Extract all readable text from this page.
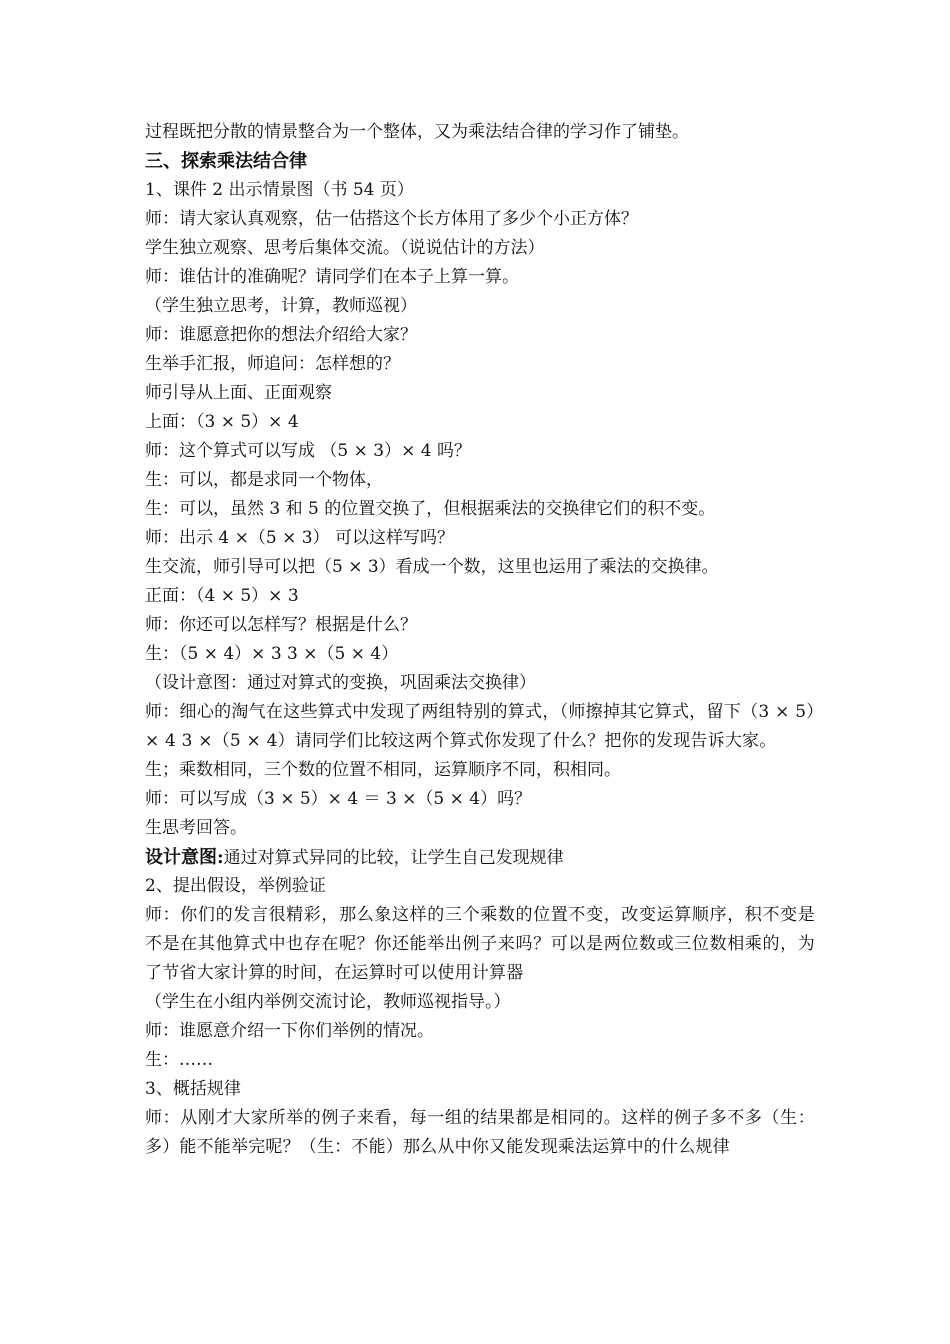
过程既把分散的情景整合为一个整体，又为乘法结合律的学习作了铺垫。
三、探索乘法结合律
1、课件 2 出示情景图（书 54 页）
师：请大家认真观察，估一估搭这个长方体用了多少个小正方体？
学生独立观察、思考后集体交流。（说说估计的方法）
师：谁估计的准确呢？请同学们在本子上算一算。
（学生独立思考，计算，教师巡视）
师：谁愿意把你的想法介绍给大家？
生举手汇报，师追问：怎样想的？
师引导从上面、正面观察
上面：（3 × 5）× 4
师：这个算式可以写成 （5 × 3）× 4 吗？
生：可以，都是求同一个物体，
生：可以，虽然 3 和 5 的位置交换了，但根据乘法的交换律它们的积不变。
师：出示 4 ×（5 × 3） 可以这样写吗？
生交流，师引导可以把（5 × 3）看成一个数，这里也运用了乘法的交换律。
正面：（4 × 5）× 3
师：你还可以怎样写？根据是什么？
生：（5 × 4）× 3 3 ×（5 × 4）
（设计意图：通过对算式的变换，巩固乘法交换律）
师：细心的淘气在这些算式中发现了两组特别的算式，（师擦掉其它算式，留下（3 × 5）× 4 3 ×（5 × 4）请同学们比较这两个算式你发现了什么？把你的发现告诉大家。
生；乘数相同，三个数的位置不相同，运算顺序不同，积相同。
师：可以写成（3 × 5）× 4 ＝ 3 ×（5 × 4）吗？
生思考回答。
设计意图:通过对算式异同的比较，让学生自己发现规律
2、提出假设，举例验证
师：你们的发言很精彩，那么象这样的三个乘数的位置不变，改变运算顺序，积不变是不是在其他算式中也存在呢？你还能举出例子来吗？可以是两位数或三位数相乘的，为了节省大家计算的时间，在运算时可以使用计算器
（学生在小组内举例交流讨论，教师巡视指导。）
师：谁愿意介绍一下你们举例的情况。
生：……
3、概括规律
师：从刚才大家所举的例子来看，每一组的结果都是相同的。这样的例子多不多（生：多）能不能举完呢？（生：不能）那么从中你又能发现乘法运算中的什么规律
